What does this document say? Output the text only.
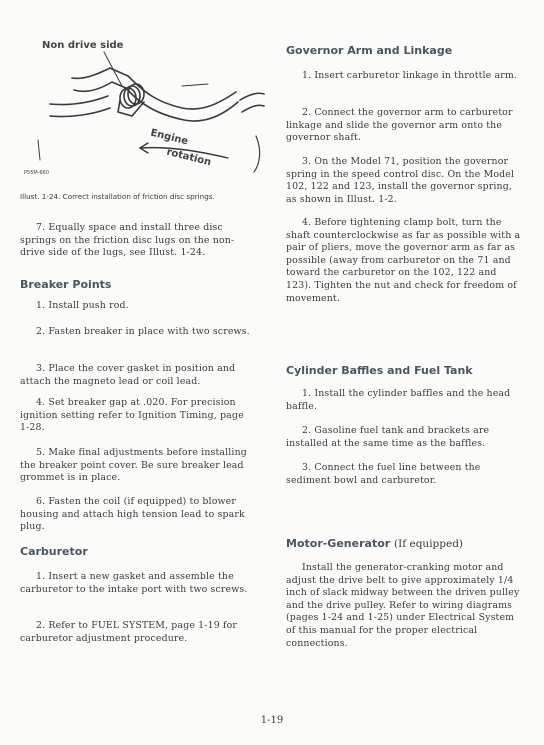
Non drive side
Engine
rotation
P55M-660

Illust. 1-24. Correct installation of friction disc springs.

7. Equally space and install three disc springs on the friction disc lugs on the non-drive side of the lugs, see Illust. 1-24.

Breaker Points

1. Install push rod.

2. Fasten breaker in place with two screws.

3. Place the cover gasket in position and attach the magneto lead or coil lead.

4. Set breaker gap at .020. For precision ignition setting refer to Ignition Timing, page 1-28.

5. Make final adjustments before installing the breaker point cover. Be sure breaker lead grommet is in place.

6. Fasten the coil (if equipped) to blower housing and attach high tension lead to spark plug.

Carburetor

1. Insert a new gasket and assemble the carburetor to the intake port with two screws.

2. Refer to FUEL SYSTEM, page 1-19 for carburetor adjustment procedure.

Governor Arm and Linkage

1. Insert carburetor linkage in throttle arm.

2. Connect the governor arm to carburetor linkage and slide the governor arm onto the governor shaft.

3. On the Model 71, position the governor spring in the speed control disc. On the Model 102, 122 and 123, install the governor spring, as shown in Illust. 1-2.

4. Before tightening clamp bolt, turn the shaft counterclockwise as far as possible with a pair of pliers, move the governor arm as far as possible (away from carburetor on the 71 and toward the carburetor on the 102, 122 and 123). Tighten the nut and check for freedom of movement.

Cylinder Baffles and Fuel Tank

1. Install the cylinder baffles and the head baffle.

2. Gasoline fuel tank and brackets are installed at the same time as the baffles.

3. Connect the fuel line between the sediment bowl and carburetor.

Motor-Generator (If equipped)

Install the generator-cranking motor and adjust the drive belt to give approximately 1/4 inch of slack midway between the driven pulley and the drive pulley. Refer to wiring diagrams (pages 1-24 and 1-25) under Electrical System of this manual for the proper electrical connections.

1-19
